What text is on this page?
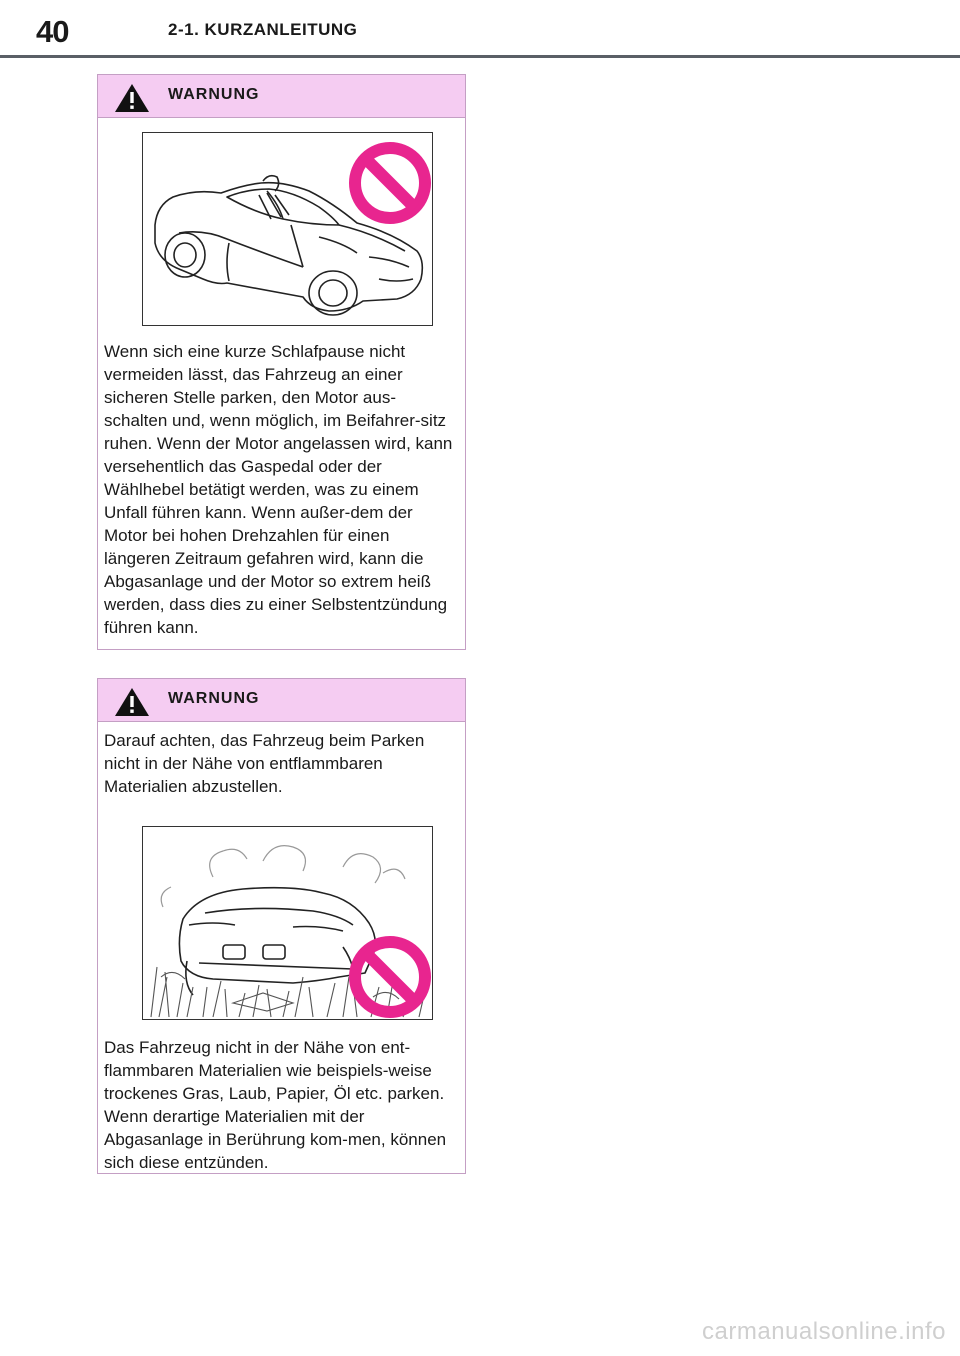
40	2-1. KURZANLEITUNG
WARNUNG

Wenn sich eine kurze Schlafpause nicht vermeiden lässt, das Fahrzeug an einer sicheren Stelle parken, den Motor aus-schalten und, wenn möglich, im Beifahrer-sitz ruhen. Wenn der Motor angelassen wird, kann versehentlich das Gaspedal oder der Wählhebel betätigt werden, was zu einem Unfall führen kann. Wenn außer-dem der Motor bei hohen Drehzahlen für einen längeren Zeitraum gefahren wird, kann die Abgasanlage und der Motor so extrem heiß werden, dass dies zu einer Selbstentzündung führen kann.

WARNUNG

Darauf achten, das Fahrzeug beim Parken nicht in der Nähe von entflammbaren Materialien abzustellen.

Das Fahrzeug nicht in der Nähe von ent-flammbaren Materialien wie beispiels-weise trockenes Gras, Laub, Papier, Öl etc. parken. Wenn derartige Materialien mit der Abgasanlage in Berührung kom-men, können sich diese entzünden.

carmanualsonline.info
